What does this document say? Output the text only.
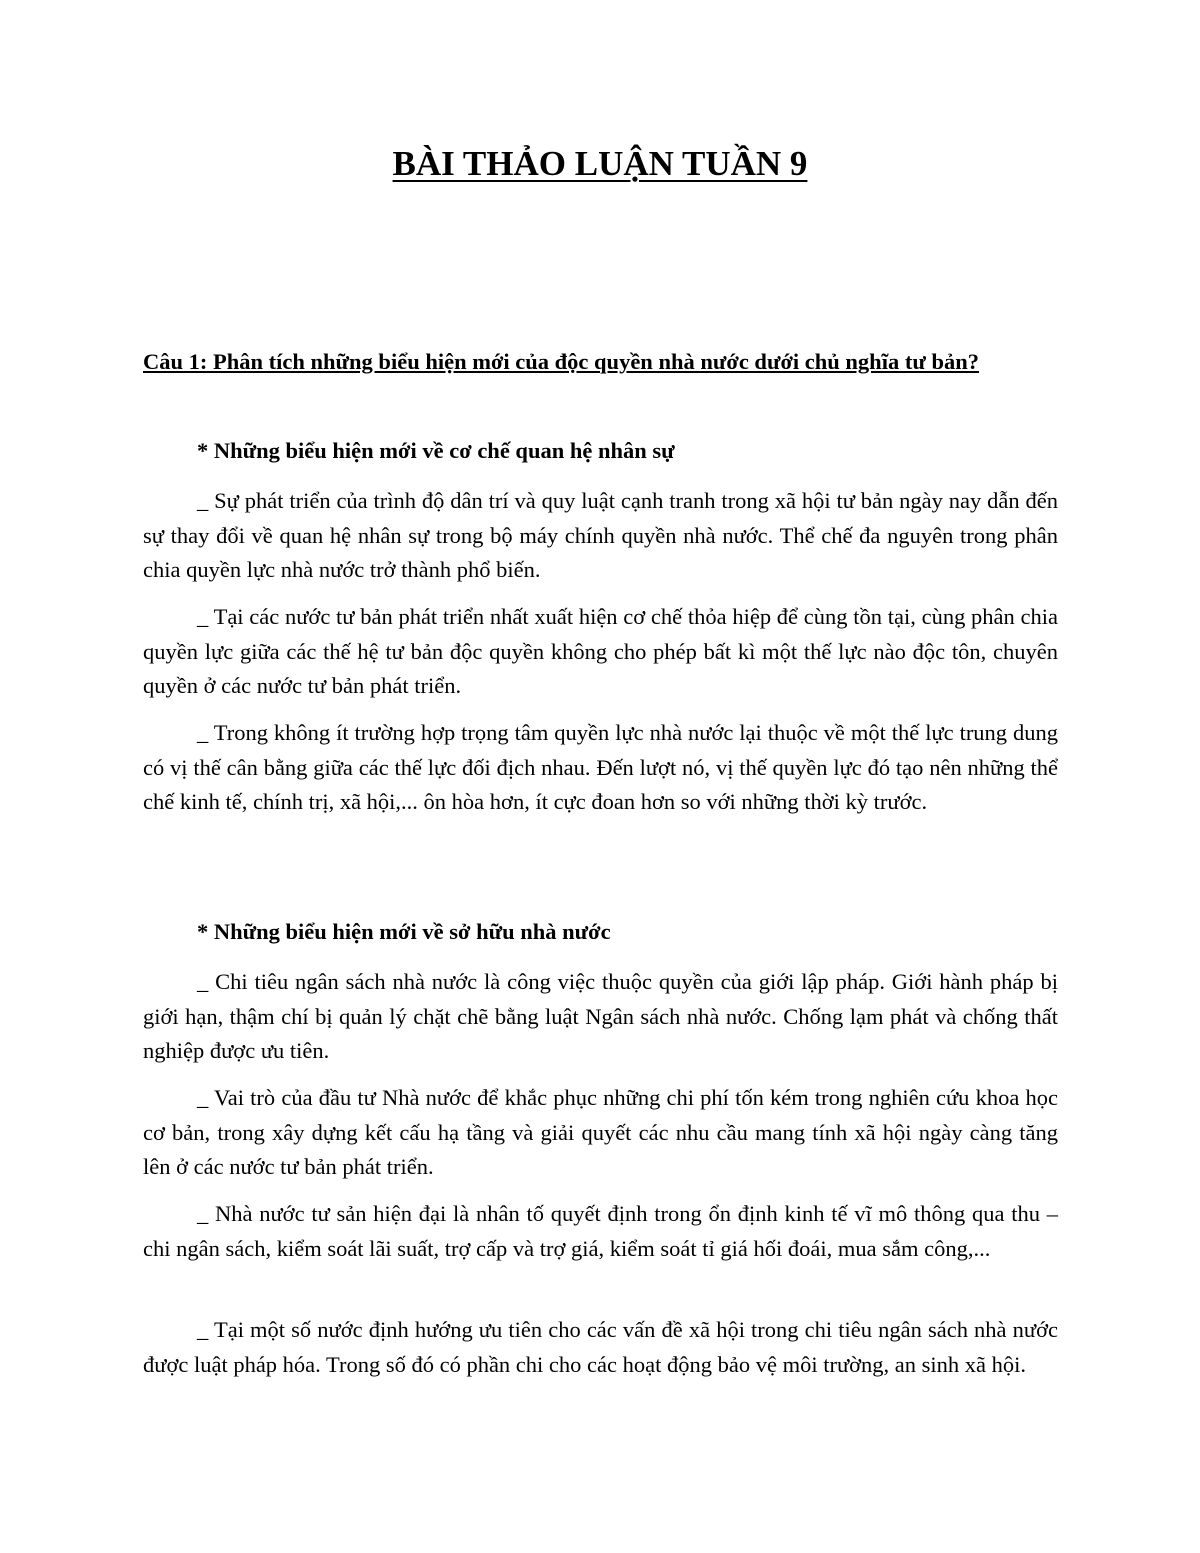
BÀI THẢO LUẬN TUẦN 9

Câu 1: Phân tích những biểu hiện mới của độc quyền nhà nước dưới chủ nghĩa tư bản?

* Những biểu hiện mới về cơ chế quan hệ nhân sự

_ Sự phát triển của trình độ dân trí và quy luật cạnh tranh trong xã hội tư bản ngày nay dẫn đến sự thay đổi về quan hệ nhân sự trong bộ máy chính quyền nhà nước. Thể chế đa nguyên trong phân chia quyền lực nhà nước trở thành phổ biến.

_ Tại các nước tư bản phát triển nhất xuất hiện cơ chế thỏa hiệp để cùng tồn tại, cùng phân chia quyền lực giữa các thế hệ tư bản độc quyền không cho phép bất kì một thế lực nào độc tôn, chuyên quyền ở các nước tư bản phát triển.

_ Trong không ít trường hợp trọng tâm quyền lực nhà nước lại thuộc về một thế lực trung dung có vị thế cân bằng giữa các thế lực đối địch nhau. Đến lượt nó, vị thế quyền lực đó tạo nên những thể chế kinh tế, chính trị, xã hội,... ôn hòa hơn, ít cực đoan hơn so với những thời kỳ trước.

* Những biểu hiện mới về sở hữu nhà nước

_ Chi tiêu ngân sách nhà nước là công việc thuộc quyền của giới lập pháp. Giới hành pháp bị giới hạn, thậm chí bị quản lý chặt chẽ bằng luật Ngân sách nhà nước. Chống lạm phát và chống thất nghiệp được ưu tiên.

_ Vai trò của đầu tư Nhà nước để khắc phục những chi phí tốn kém trong nghiên cứu khoa học cơ bản, trong xây dựng kết cấu hạ tầng và giải quyết các nhu cầu mang tính xã hội ngày càng tăng lên ở các nước tư bản phát triển.

_ Nhà nước tư sản hiện đại là nhân tố quyết định trong ổn định kinh tế vĩ mô thông qua thu – chi ngân sách, kiểm soát lãi suất, trợ cấp và trợ giá, kiểm soát tỉ giá hối đoái, mua sắm công,...

_ Tại một số nước định hướng ưu tiên cho các vấn đề xã hội trong chi tiêu ngân sách nhà nước được luật pháp hóa. Trong số đó có phần chi cho các hoạt động bảo vệ môi trường, an sinh xã hội.
